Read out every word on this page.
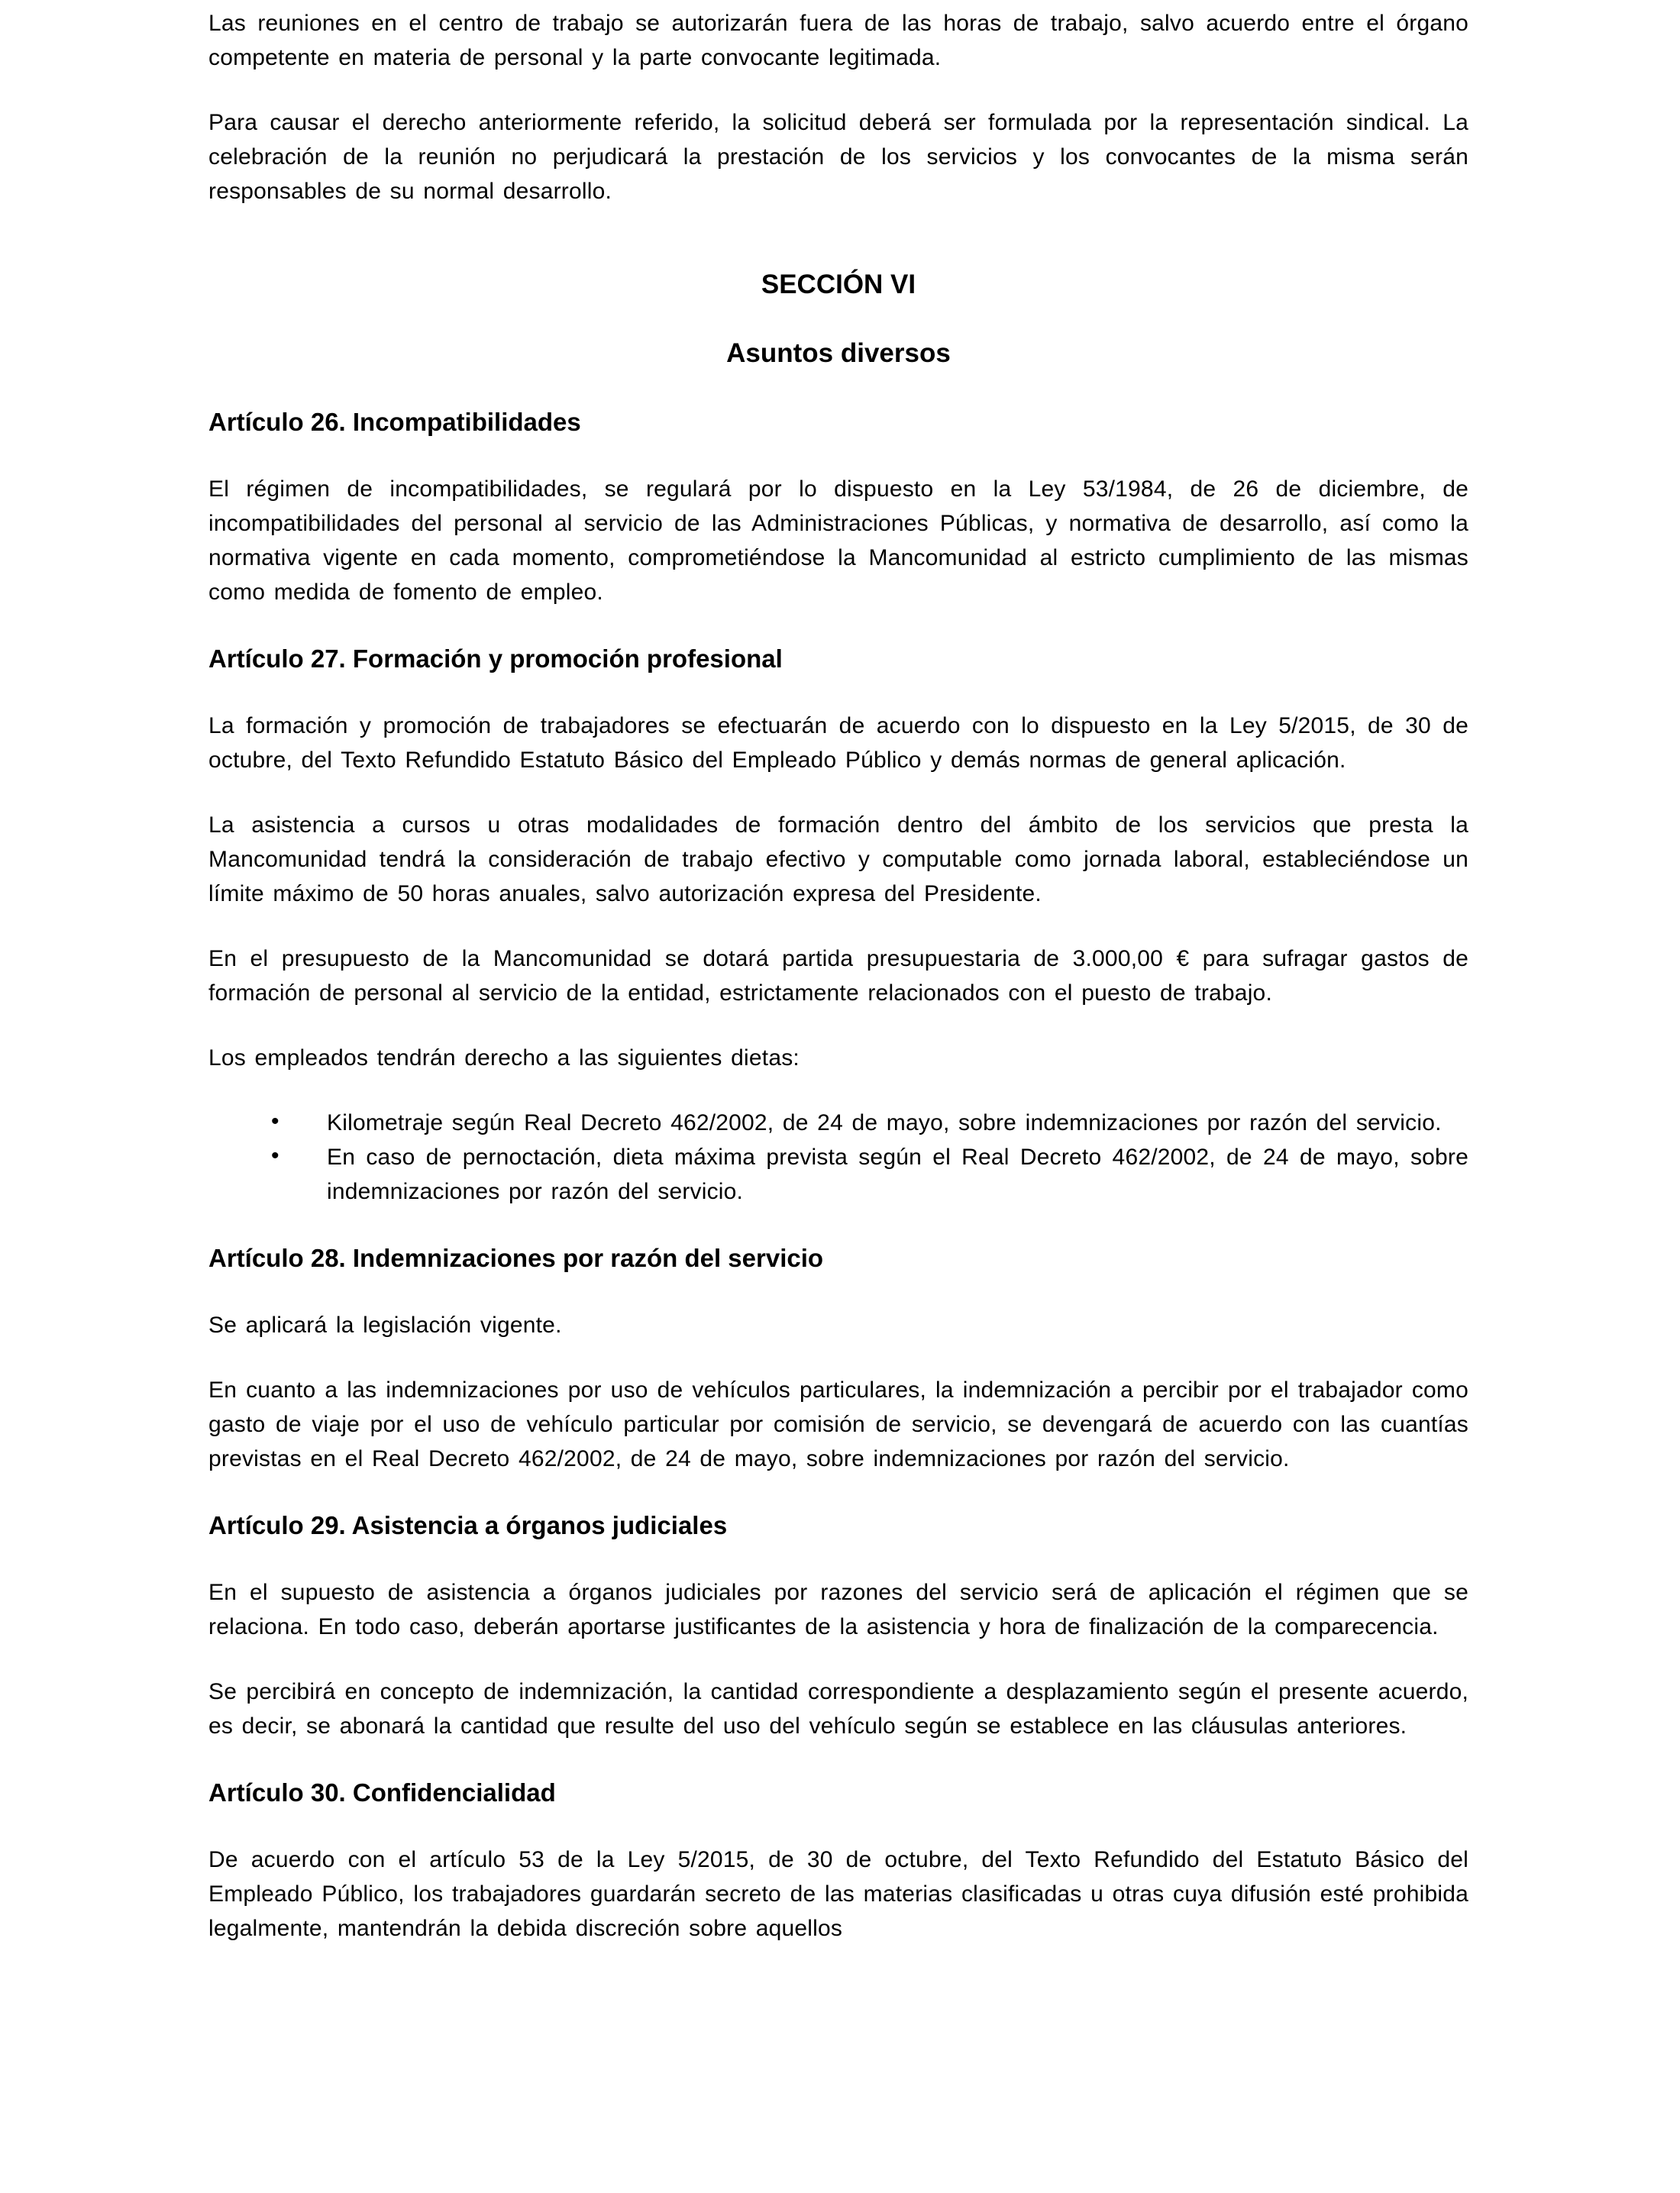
Las reuniones en el centro de trabajo se autorizarán fuera de las horas de trabajo, salvo acuerdo entre el órgano competente en materia de personal y la parte convocante legitimada.

Para causar el derecho anteriormente referido, la solicitud deberá ser formulada por la representación sindical. La celebración de la reunión no perjudicará la prestación de los servicios y los convocantes de la misma serán responsables de su normal desarrollo.

SECCIÓN VI

Asuntos diversos

Artículo 26. Incompatibilidades

El régimen de incompatibilidades, se regulará por lo dispuesto en la Ley 53/1984, de 26 de diciembre, de incompatibilidades del personal al servicio de las Administraciones Públicas, y normativa de desarrollo, así como la normativa vigente en cada momento, comprometiéndose la Mancomunidad al estricto cumplimiento de las mismas como medida de fomento de empleo.

Artículo 27. Formación y promoción profesional

La formación y promoción de trabajadores se efectuarán de acuerdo con lo dispuesto en la Ley 5/2015, de 30 de octubre, del Texto Refundido Estatuto Básico del Empleado Público y demás normas de general aplicación.

La asistencia a cursos u otras modalidades de formación dentro del ámbito de los servicios que presta la Mancomunidad tendrá la consideración de trabajo efectivo y computable como jornada laboral, estableciéndose un límite máximo de 50 horas anuales, salvo autorización expresa del Presidente.

En el presupuesto de la Mancomunidad se dotará partida presupuestaria de 3.000,00 € para sufragar gastos de formación de personal al servicio de la entidad, estrictamente relacionados con el puesto de trabajo.

Los empleados tendrán derecho a las siguientes dietas:

• Kilometraje según Real Decreto 462/2002, de 24 de mayo, sobre indemnizaciones por razón del servicio.
• En caso de pernoctación, dieta máxima prevista según el Real Decreto 462/2002, de 24 de mayo, sobre indemnizaciones por razón del servicio.

Artículo 28. Indemnizaciones por razón del servicio

Se aplicará la legislación vigente.

En cuanto a las indemnizaciones por uso de vehículos particulares, la indemnización a percibir por el trabajador como gasto de viaje por el uso de vehículo particular por comisión de servicio, se devengará de acuerdo con las cuantías previstas en el Real Decreto 462/2002, de 24 de mayo, sobre indemnizaciones por razón del servicio.

Artículo 29. Asistencia a órganos judiciales

En el supuesto de asistencia a órganos judiciales por razones del servicio será de aplicación el régimen que se relaciona. En todo caso, deberán aportarse justificantes de la asistencia y hora de finalización de la comparecencia.

Se percibirá en concepto de indemnización, la cantidad correspondiente a desplazamiento según el presente acuerdo, es decir, se abonará la cantidad que resulte del uso del vehículo según se establece en las cláusulas anteriores.

Artículo 30. Confidencialidad

De acuerdo con el artículo 53 de la Ley 5/2015, de 30 de octubre, del Texto Refundido del Estatuto Básico del Empleado Público, los trabajadores guardarán secreto de las materias clasificadas u otras cuya difusión esté prohibida legalmente, mantendrán la debida discreción sobre aquellos
